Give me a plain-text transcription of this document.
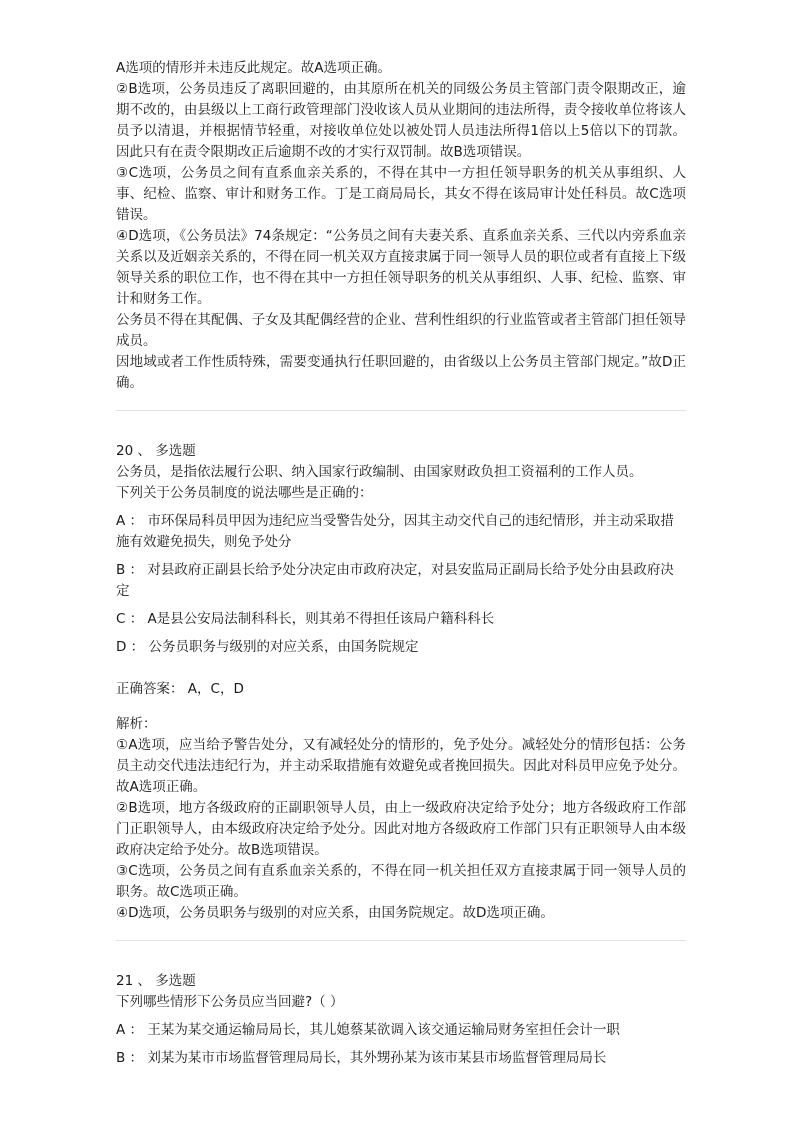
A选项的情形并未违反此规定。故A选项正确。

②B选项，公务员违反了离职回避的，由其原所在机关的同级公务员主管部门责令限期改正，逾期不改的，由县级以上工商行政管理部门没收该人员从业期间的违法所得，责令接收单位将该人员予以清退，并根据情节轻重，对接收单位处以被处罚人员违法所得1倍以上5倍以下的罚款。因此只有在责令限期改正后逾期不改的才实行双罚制。故B选项错误。

③C选项，公务员之间有直系血亲关系的，不得在其中一方担任领导职务的机关从事组织、人事、纪检、监察、审计和财务工作。丁是工商局局长，其女不得在该局审计处任科员。故C选项错误。

④D选项，《公务员法》74条规定：“公务员之间有夫妻关系、直系血亲关系、三代以内旁系血亲关系以及近姻亲关系的，不得在同一机关双方直接隶属于同一领导人员的职位或者有直接上下级领导关系的职位工作，也不得在其中一方担任领导职务的机关从事组织、人事、纪检、监察、审计和财务工作。

公务员不得在其配偶、子女及其配偶经营的企业、营利性组织的行业监管或者主管部门担任领导成员。

因地域或者工作性质特殊，需要变通执行任职回避的，由省级以上公务员主管部门规定。”故D正确。

20 、 多选题

公务员，是指依法履行公职、纳入国家行政编制、由国家财政负担工资福利的工作人员。

下列关于公务员制度的说法哪些是正确的：

A ： 市环保局科员甲因为违纪应当受警告处分，因其主动交代自己的违纪情形，并主动采取措施有效避免损失，则免予处分

B ： 对县政府正副县长给予处分决定由市政府决定，对县安监局正副局长给予处分由县政府决定

C ： A是县公安局法制科科长，则其弟不得担任该局户籍科科长

D ： 公务员职务与级别的对应关系，由国务院规定

正确答案： A，C，D

解析：

①A选项，应当给予警告处分，又有减轻处分的情形的，免予处分。减轻处分的情形包括：公务员主动交代违法违纪行为，并主动采取措施有效避免或者挽回损失。因此对科员甲应免予处分。故A选项正确。

②B选项，地方各级政府的正副职领导人员，由上一级政府决定给予处分；地方各级政府工作部门正职领导人，由本级政府决定给予处分。因此对地方各级政府工作部门只有正职领导人由本级政府决定给予处分。故B选项错误。

③C选项，公务员之间有直系血亲关系的，不得在同一机关担任双方直接隶属于同一领导人员的职务。故C选项正确。

④D选项，公务员职务与级别的对应关系，由国务院规定。故D选项正确。

21 、 多选题

下列哪些情形下公务员应当回避?（ ）

A ： 王某为某交通运输局局长，其儿媳蔡某欲调入该交通运输局财务室担任会计一职

B ： 刘某为某市市场监督管理局局长，其外甥孙某为该市某县市场监督管理局局长
